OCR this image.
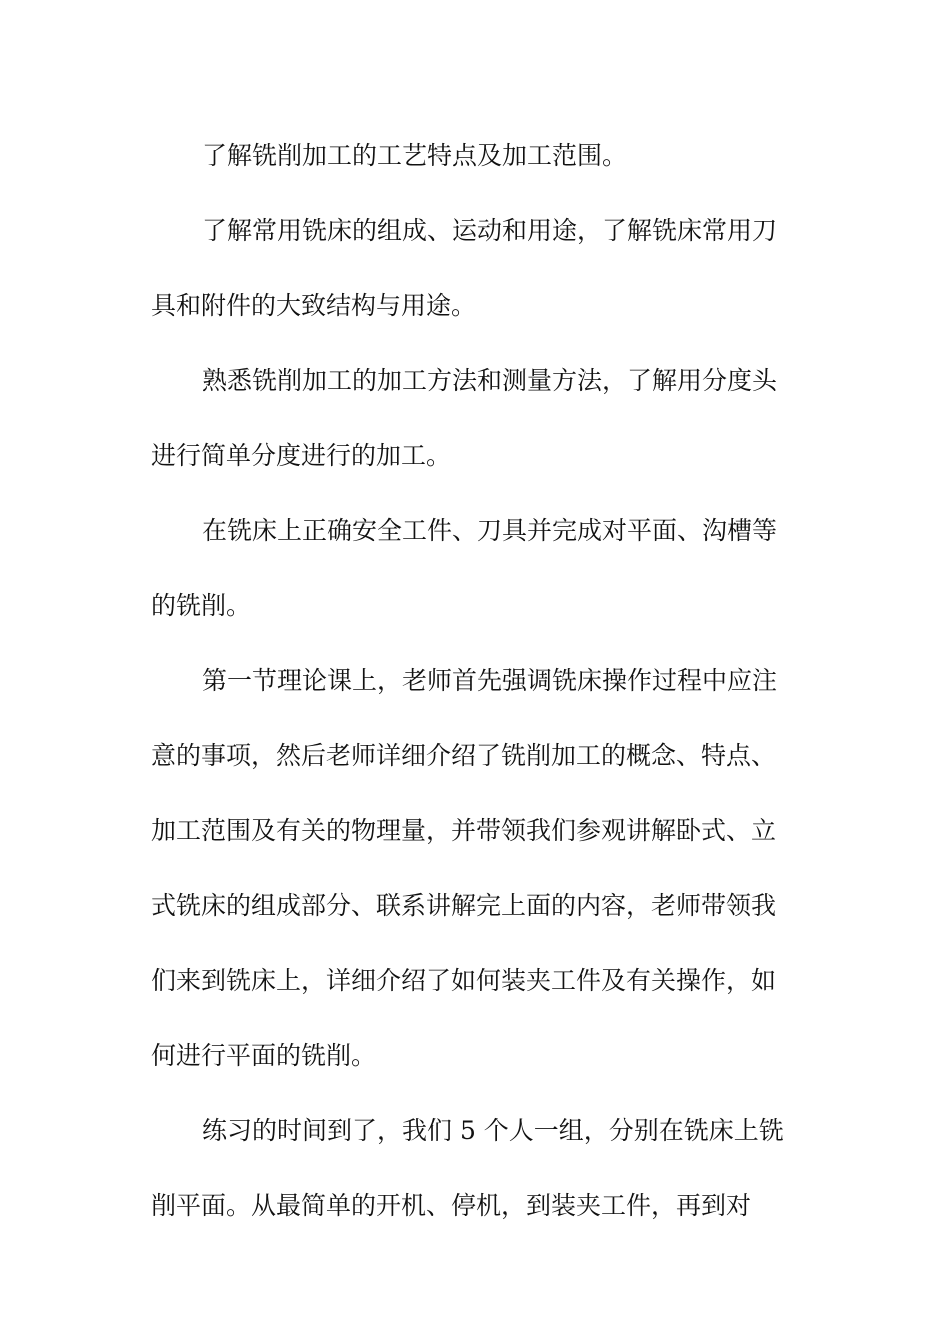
了解铣削加工的工艺特点及加工范围。
了解常用铣床的组成、运动和用途，了解铣床常用刀
具和附件的大致结构与用途。
熟悉铣削加工的加工方法和测量方法，了解用分度头
进行简单分度进行的加工。
在铣床上正确安全工件、刀具并完成对平面、沟槽等
的铣削。
第一节理论课上，老师首先强调铣床操作过程中应注
意的事项，然后老师详细介绍了铣削加工的概念、特点、
加工范围及有关的物理量，并带领我们参观讲解卧式、立
式铣床的组成部分、联系讲解完上面的内容，老师带领我
们来到铣床上，详细介绍了如何装夹工件及有关操作，如
何进行平面的铣削。
练习的时间到了，我们 5 个人一组，分别在铣床上铣
削平面。从最简单的开机、停机，到装夹工件，再到对
